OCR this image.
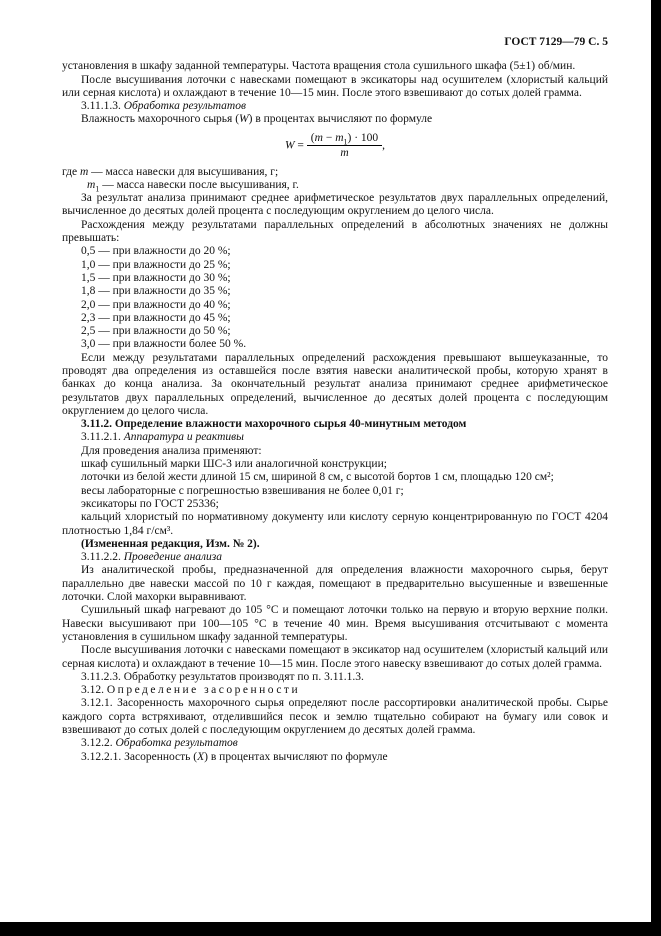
ГОСТ 7129—79 С. 5
установления в шкафу заданной температуры. Частота вращения стола сушильного шкафа (5±1) об/мин.
После высушивания лоточки с навесками помещают в эксикаторы над осушителем (хлористый кальций или серная кислота) и охлаждают в течение 10—15 мин. После этого взвешивают до сотых долей грамма.
3.11.1.3. Обработка результатов
Влажность махорочного сырья (W) в процентах вычисляют по формуле
$W = \frac{(m - m_1) \cdot 100}{m}$ ,
где m — масса навески для высушивания, г;
$m_1$ — масса навески после высушивания, г.
За результат анализа принимают среднее арифметическое результатов двух параллельных определений, вычисленное до десятых долей процента с последующим округлением до целого числа.
Расхождения между результатами параллельных определений в абсолютных значениях не должны превышать:
0,5 — при влажности до 20 %;
1,0 — при влажности до 25 %;
1,5 — при влажности до 30 %;
1,8 — при влажности до 35 %;
2,0 — при влажности до 40 %;
2,3 — при влажности до 45 %;
2,5 — при влажности до 50 %;
3,0 — при влажности более 50 %.
Если между результатами параллельных определений расхождения превышают вышеуказанные, то проводят два определения из оставшейся после взятия навески аналитической пробы, которую хранят в банках до конца анализа. За окончательный результат анализа принимают среднее арифметическое результатов двух параллельных определений, вычисленное до десятых долей процента с последующим округлением до целого числа.
3.11.2. Определение влажности махорочного сырья 40-минутным методом
3.11.2.1. Аппаратура и реактивы
Для проведения анализа применяют:
шкаф сушильный марки ШС-3 или аналогичной конструкции;
лоточки из белой жести длиной 15 см, шириной 8 см, с высотой бортов 1 см, площадью 120 см²;
весы лабораторные с погрешностью взвешивания не более 0,01 г;
эксикаторы по ГОСТ 25336;
кальций хлористый по нормативному документу или кислоту серную концентрированную по ГОСТ 4204 плотностью 1,84 г/см³.
(Измененная редакция, Изм. № 2).
3.11.2.2. Проведение анализа
Из аналитической пробы, предназначенной для определения влажности махорочного сырья, берут параллельно две навески массой по 10 г каждая, помещают в предварительно высушенные и взвешенные лоточки. Слой махорки выравнивают.
Сушильный шкаф нагревают до 105 °С и помещают лоточки только на первую и вторую верхние полки. Навески высушивают при 100—105 °С в течение 40 мин. Время высушивания отсчитывают с момента установления в сушильном шкафу заданной температуры.
После высушивания лоточки с навесками помещают в эксикатор над осушителем (хлористый кальций или серная кислота) и охлаждают в течение 10—15 мин. После этого навеску взвешивают до сотых долей грамма.
3.11.2.3. Обработку результатов производят по п. 3.11.1.3.
3.12. Определение засоренности
3.12.1. Засоренность махорочного сырья определяют после рассортировки аналитической пробы. Сырье каждого сорта встряхивают, отделившийся песок и землю тщательно собирают на бумагу или совок и взвешивают до сотых долей с последующим округлением до десятых долей грамма.
3.12.2. Обработка результатов
3.12.2.1. Засоренность (X) в процентах вычисляют по формуле
